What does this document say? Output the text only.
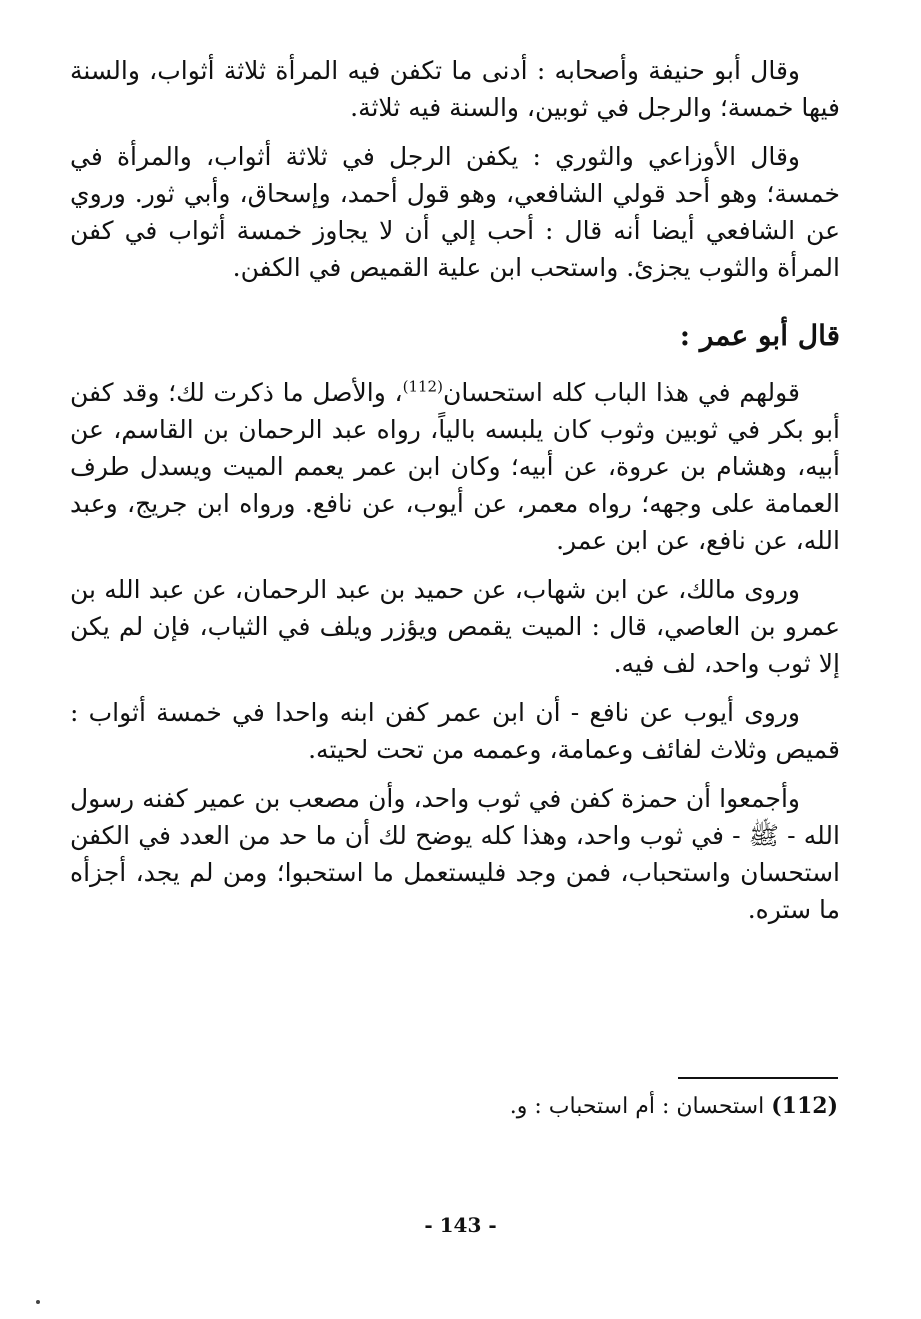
وقال أبو حنيفة وأصحابه : أدنى ما تكفن فيه المرأة ثلاثة أثواب، والسنة فيها خمسة؛ والرجل في ثوبين، والسنة فيه ثلاثة.

وقال الأوزاعي والثوري : يكفن الرجل في ثلاثة أثواب، والمرأة في خمسة؛ وهو أحد قولي الشافعي، وهو قول أحمد، وإسحاق، وأبي ثور. وروي عن الشافعي أيضا أنه قال : أحب إلي أن لا يجاوز خمسة أثواب في كفن المرأة والثوب يجزئ. واستحب ابن علية القميص في الكفن.

قال أبو عمر :

قولهم في هذا الباب كله استحسان$^{(112)}$، والأصل ما ذكرت لك؛ وقد كفن أبو بكر في ثوبين وثوب كان يلبسه بالياً، رواه عبد الرحمان بن القاسم، عن أبيه، وهشام بن عروة، عن أبيه؛ وكان ابن عمر يعمم الميت ويسدل طرف العمامة على وجهه؛ رواه معمر، عن أيوب، عن نافع. ورواه ابن جريج، وعبد الله، عن نافع، عن ابن عمر.

وروى مالك، عن ابن شهاب، عن حميد بن عبد الرحمان، عن عبد الله بن عمرو بن العاصي، قال : الميت يقمص ويؤزر ويلف في الثياب، فإن لم يكن إلا ثوب واحد، لف فيه.

وروى أيوب عن نافع - أن ابن عمر كفن ابنه واحدا في خمسة أثواب : قميص وثلاث لفائف وعمامة، وعممه من تحت لحيته.

وأجمعوا أن حمزة كفن في ثوب واحد، وأن مصعب بن عمير كفنه رسول الله - ﷺ - في ثوب واحد، وهذا كله يوضح لك أن ما حد من العدد في الكفن استحسان واستحباب، فمن وجد فليستعمل ما استحبوا؛ ومن لم يجد، أجزأه ما ستره.

(112) استحسان : أم استحباب : و.
- 143 -
